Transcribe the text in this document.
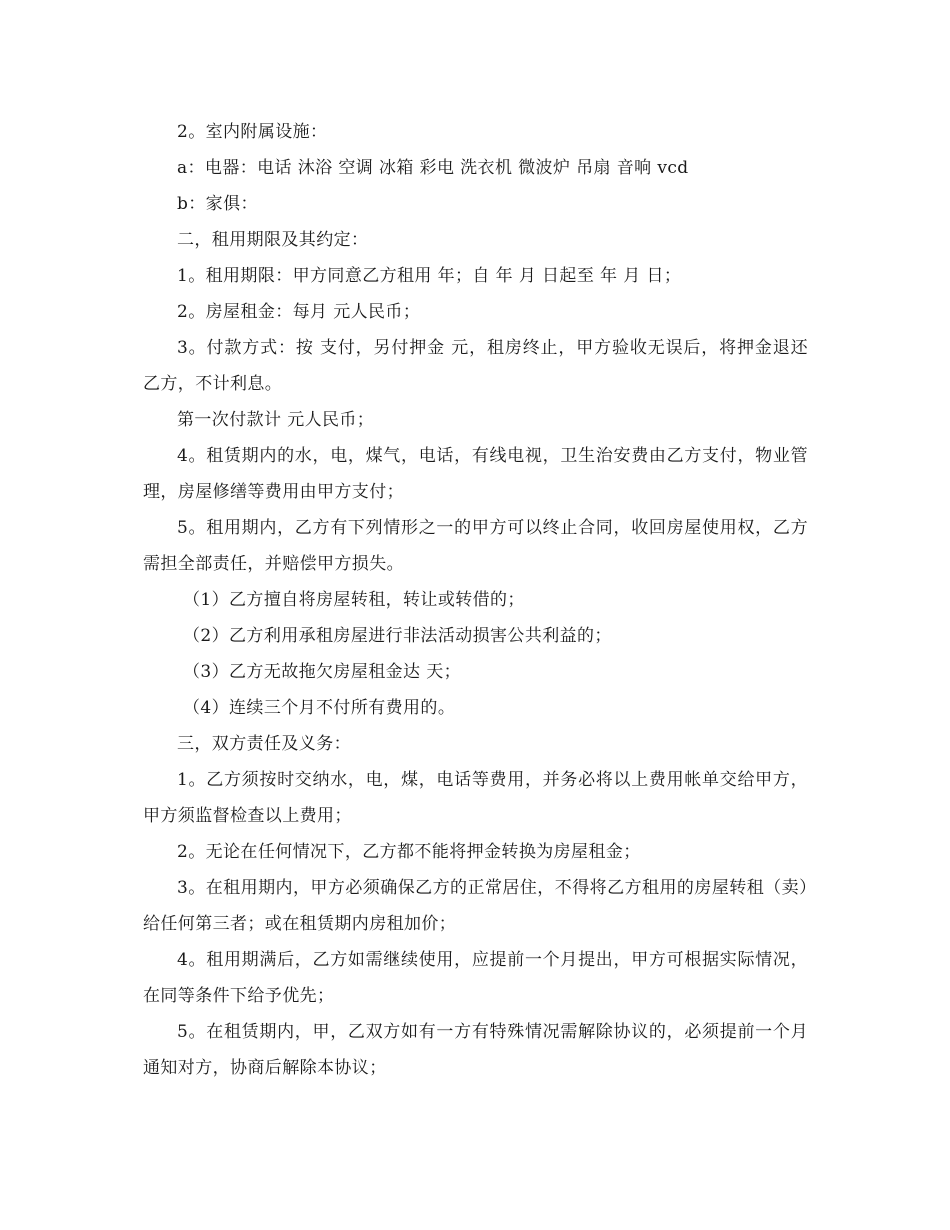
2。室内附属设施：

a：电器：电话 沐浴 空调 冰箱 彩电 洗衣机 微波炉 吊扇 音响 vcd

b：家俱：

二，租用期限及其约定：

1。租用期限：甲方同意乙方租用 年；自 年 月 日起至 年 月 日；

2。房屋租金：每月 元人民币；

3。付款方式：按 支付，另付押金 元，租房终止，甲方验收无误后，将押金退还乙方，不计利息。

第一次付款计 元人民币；

4。租赁期内的水，电，煤气，电话，有线电视，卫生治安费由乙方支付，物业管理，房屋修缮等费用由甲方支付；

5。租用期内，乙方有下列情形之一的甲方可以终止合同，收回房屋使用权，乙方需担全部责任，并赔偿甲方损失。

（1）乙方擅自将房屋转租，转让或转借的；

（2）乙方利用承租房屋进行非法活动损害公共利益的；

（3）乙方无故拖欠房屋租金达 天；

（4）连续三个月不付所有费用的。

三，双方责任及义务：

1。乙方须按时交纳水，电，煤，电话等费用，并务必将以上费用帐单交给甲方，甲方须监督检查以上费用；

2。无论在任何情况下，乙方都不能将押金转换为房屋租金；

3。在租用期内，甲方必须确保乙方的正常居住，不得将乙方租用的房屋转租（卖）给任何第三者；或在租赁期内房租加价；

4。租用期满后，乙方如需继续使用，应提前一个月提出，甲方可根据实际情况，在同等条件下给予优先；

5。在租赁期内，甲，乙双方如有一方有特殊情况需解除协议的，必须提前一个月通知对方，协商后解除本协议；
